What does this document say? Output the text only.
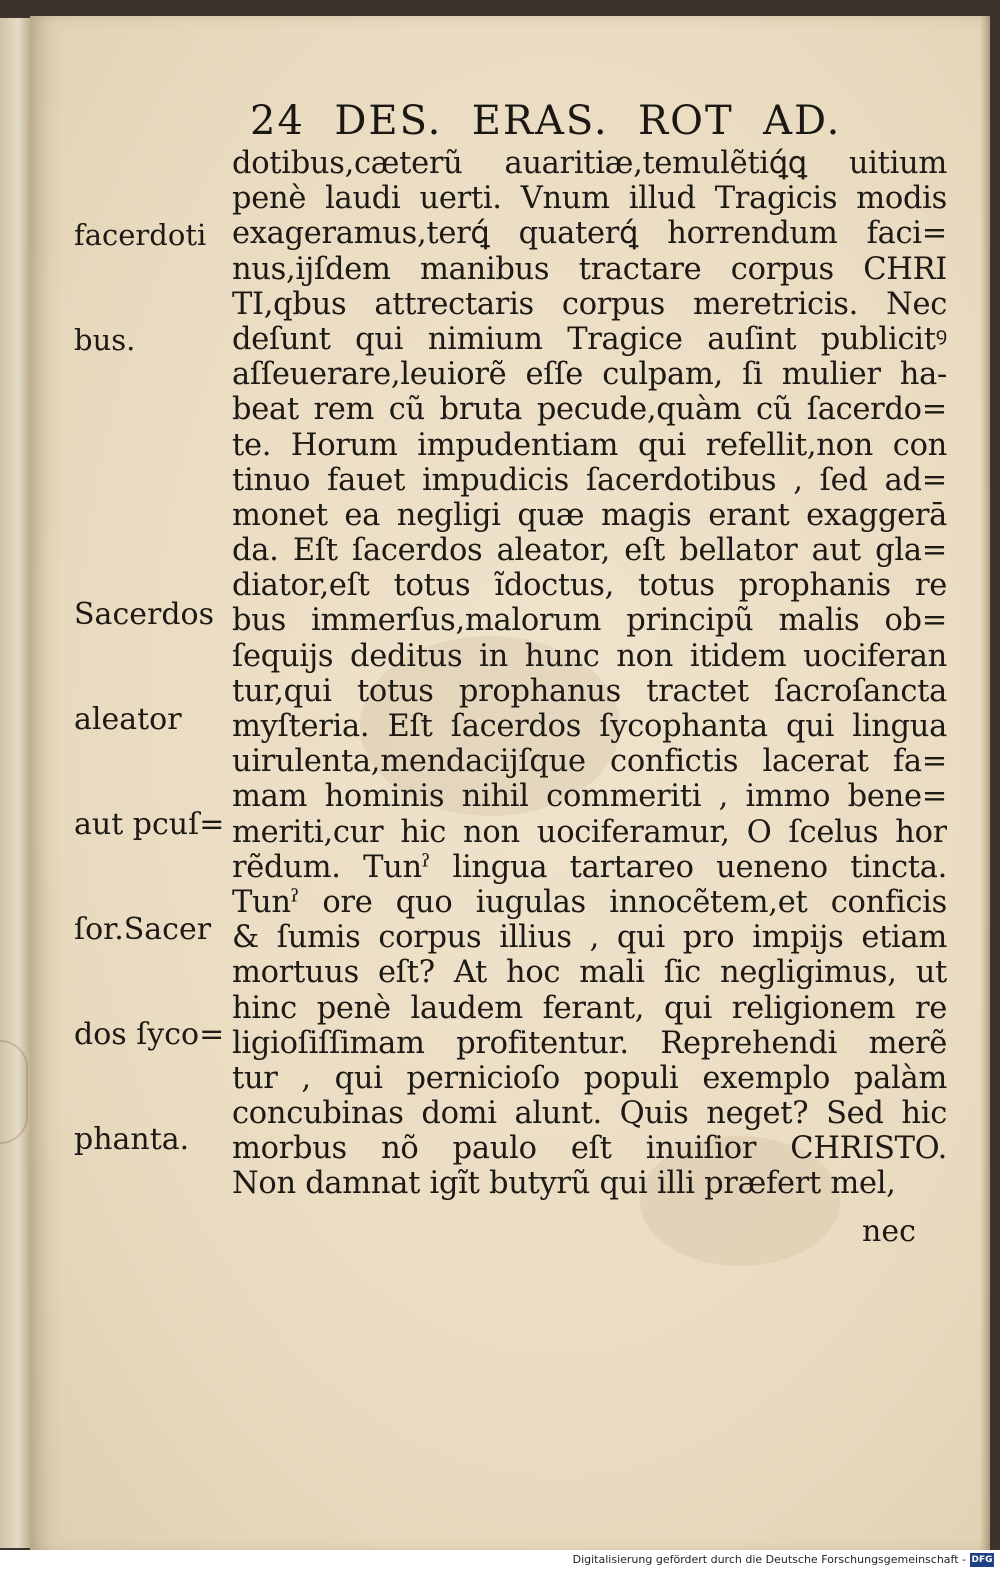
24  DES.  ERAS.  ROT  AD.

facerdoti

bus.

Sacerdos

aleator

aut pcuſ=

ſor.Sacer

dos ſyco=

phanta.

dotibus,cæterũ auaritiæ,temulẽtiꝗ́ꝗ uitium
penè laudi uerti. Vnum illud Tragicis modis
exageramus,terꝗ́ quaterꝗ́ horrendum faci=
nus,ijſdem manibus tractare corpus CHRI
TI,qbus attrectaris corpus meretricis. Nec
deſunt qui nimium Tragice auſint publicitꝰ
aſſeuerare,leuiorẽ eſſe culpam, ſi mulier ha-
beat rem cũ bruta pecude,quàm cũ ſacerdo=
te. Horum impudentiam qui refellit,non con
tinuo fauet impudicis ſacerdotibus , ſed ad=
monet ea negligi quæ magis erant exaggerā
da. Eſt ſacerdos aleator, eſt bellator aut gla=
diator,eſt totus ĩdoctus, totus prophanis re
bus immerſus,malorum principũ malis ob=
ſequijs deditus in hunc non itidem uociferan
tur,qui totus prophanus tractet ſacroſancta
myſteria. Eſt ſacerdos ſycophanta qui lingua
uirulenta,mendacijſque confictis lacerat fa=
mam hominis nihil commeriti , immo bene=
meriti,cur hic non uociferamur, O ſcelus hor
rẽdum. Tunˀ lingua tartareo ueneno tincta.
Tunˀ ore quo iugulas innocẽtem,et conficis
& ſumis corpus illius , qui pro impijs etiam
mortuus eſt? At hoc mali ſic negligimus, ut
hinc penè laudem ferant, qui religionem re
ligioſiſſimam profitentur. Reprehendi merẽ
tur , qui pernicioſo populi exemplo palàm
concubinas domi alunt. Quis neget? Sed hic
morbus nõ paulo eſt inuiſior CHRISTO.
Non damnat igĩt butyrũ qui illi præfert mel,
nec
Digitalisierung gefördert durch die Deutsche Forschungsgemeinschaft - DFG
